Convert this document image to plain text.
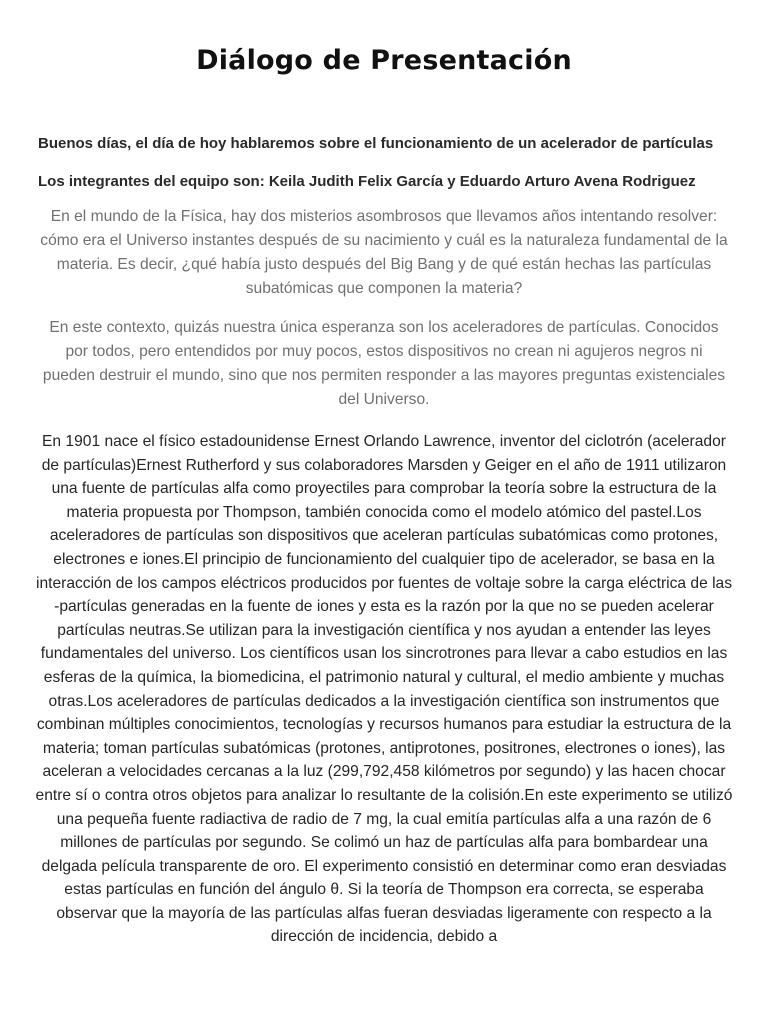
Diálogo de Presentación

Buenos días, el día de hoy hablaremos sobre el funcionamiento de un acelerador de partículas

Los integrantes del equipo son: Keila Judith Felix García y Eduardo Arturo Avena Rodriguez

En el mundo de la Física, hay dos misterios asombrosos que llevamos años intentando resolver: cómo era el Universo instantes después de su nacimiento y cuál es la naturaleza fundamental de la materia. Es decir, ¿qué había justo después del Big Bang y de qué están hechas las partículas subatómicas que componen la materia?

En este contexto, quizás nuestra única esperanza son los aceleradores de partículas. Conocidos por todos, pero entendidos por muy pocos, estos dispositivos no crean ni agujeros negros ni pueden destruir el mundo, sino que nos permiten responder a las mayores preguntas existenciales del Universo.

En 1901 nace el físico estadounidense Ernest Orlando Lawrence, inventor del ciclotrón (acelerador de partículas)Ernest Rutherford y sus colaboradores Marsden y Geiger en el año de 1911 utilizaron una fuente de partículas alfa como proyectiles para comprobar la teoría sobre la estructura de la materia propuesta por Thompson, también conocida como el modelo atómico del pastel.Los aceleradores de partículas son dispositivos que aceleran partículas subatómicas como protones, electrones e iones.El principio de funcionamiento del cualquier tipo de acelerador, se basa en la interacción de los campos eléctricos producidos por fuentes de voltaje sobre la carga eléctrica de las -partículas generadas en la fuente de iones y esta es la razón por la que no se pueden acelerar partículas neutras.Se utilizan para la investigación científica y nos ayudan a entender las leyes fundamentales del universo. Los científicos usan los sincrotrones para llevar a cabo estudios en las esferas de la química, la biomedicina, el patrimonio natural y cultural, el medio ambiente y muchas otras.Los aceleradores de partículas dedicados a la investigación científica son instrumentos que combinan múltiples conocimientos, tecnologías y recursos humanos para estudiar la estructura de la materia; toman partículas subatómicas (protones, antiprotones, positrones, electrones o iones), las aceleran a velocidades cercanas a la luz (299,792,458 kilómetros por segundo) y las hacen chocar entre sí o contra otros objetos para analizar lo resultante de la colisión.En este experimento se utilizó una pequeña fuente radiactiva de radio de 7 mg, la cual emitía partículas alfa a una razón de 6 millones de partículas por segundo. Se colimó un haz de partículas alfa para bombardear una delgada película transparente de oro. El experimento consistió en determinar como eran desviadas estas partículas en función del ángulo θ. Si la teoría de Thompson era correcta, se esperaba observar que la mayoría de las partículas alfas fueran desviadas ligeramente con respecto a la dirección de incidencia, debido a
